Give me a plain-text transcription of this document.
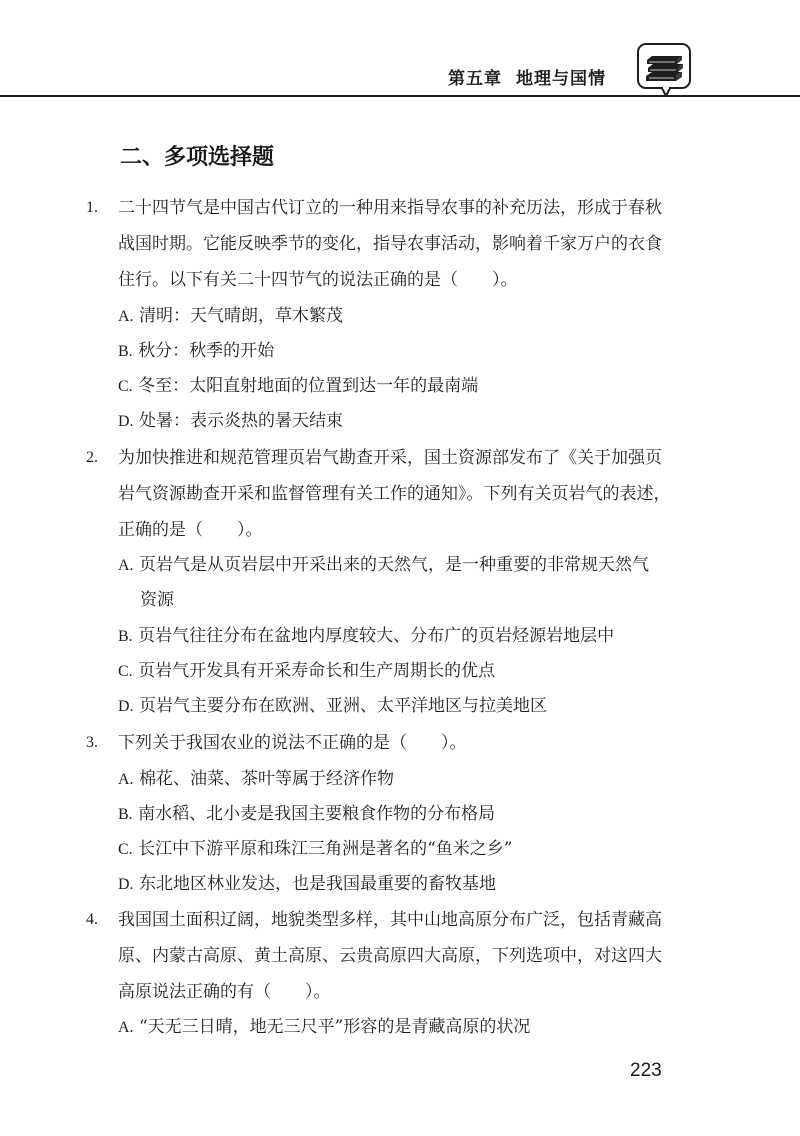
第五章 地理与国情
二、多项选择题
1. 二十四节气是中国古代订立的一种用来指导农事的补充历法，形成于春秋
战国时期。它能反映季节的变化，指导农事活动，影响着千家万户的衣食
住行。以下有关二十四节气的说法正确的是（　　）。
A. 清明：天气晴朗，草木繁茂
B. 秋分：秋季的开始
C. 冬至：太阳直射地面的位置到达一年的最南端
D. 处暑：表示炎热的暑天结束
2. 为加快推进和规范管理页岩气勘查开采，国土资源部发布了《关于加强页
岩气资源勘查开采和监督管理有关工作的通知》。下列有关页岩气的表述，
正确的是（　　）。
A. 页岩气是从页岩层中开采出来的天然气，是一种重要的非常规天然气
资源
B. 页岩气往往分布在盆地内厚度较大、分布广的页岩烃源岩地层中
C. 页岩气开发具有开采寿命长和生产周期长的优点
D. 页岩气主要分布在欧洲、亚洲、太平洋地区与拉美地区
3. 下列关于我国农业的说法不正确的是（　　）。
A. 棉花、油菜、茶叶等属于经济作物
B. 南水稻、北小麦是我国主要粮食作物的分布格局
C. 长江中下游平原和珠江三角洲是著名的“鱼米之乡”
D. 东北地区林业发达，也是我国最重要的畜牧基地
4. 我国国土面积辽阔，地貌类型多样，其中山地高原分布广泛，包括青藏高
原、内蒙古高原、黄土高原、云贵高原四大高原，下列选项中，对这四大
高原说法正确的有（　　）。
A. “天无三日晴，地无三尺平”形容的是青藏高原的状况
223
